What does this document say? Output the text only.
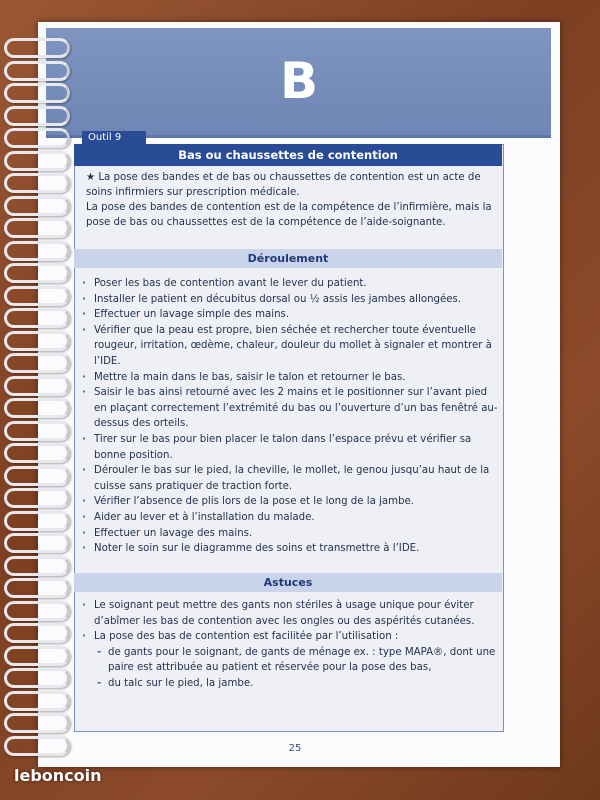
B
Outil 9
Bas ou chaussettes de contention
★ La pose des bandes et de bas ou chaussettes de contention est un acte de soins infirmiers sur prescription médicale.
La pose des bandes de contention est de la compétence de l’infirmière, mais la pose de bas ou chaussettes est de la compétence de l’aide-soignante.
Déroulement
· Poser les bas de contention avant le lever du patient.
· Installer le patient en décubitus dorsal ou ½ assis les jambes allongées.
· Effectuer un lavage simple des mains.
· Vérifier que la peau est propre, bien séchée et rechercher toute éventuelle rougeur, irritation, œdème, chaleur, douleur du mollet à signaler et montrer à l’IDE.
· Mettre la main dans le bas, saisir le talon et retourner le bas.
· Saisir le bas ainsi retourné avec les 2 mains et le positionner sur l’avant pied en plaçant correctement l’extrémité du bas ou l’ouverture d’un bas fenêtré au-dessus des orteils.
· Tirer sur le bas pour bien placer le talon dans l’espace prévu et vérifier sa bonne position.
· Dérouler le bas sur le pied, la cheville, le mollet, le genou jusqu’au haut de la cuisse sans pratiquer de traction forte.
· Vérifier l’absence de plis lors de la pose et le long de la jambe.
· Aider au lever et à l’installation du malade.
· Effectuer un lavage des mains.
· Noter le soin sur le diagramme des soins et transmettre à l’IDE.
Astuces
· Le soignant peut mettre des gants non stériles à usage unique pour éviter d’abîmer les bas de contention avec les ongles ou des aspérités cutanées.
· La pose des bas de contention est facilitée par l’utilisation :
- de gants pour le soignant, de gants de ménage ex. : type MAPA®, dont une paire est attribuée au patient et réservée pour la pose des bas,
- du talc sur le pied, la jambe.
25
leboncoin
